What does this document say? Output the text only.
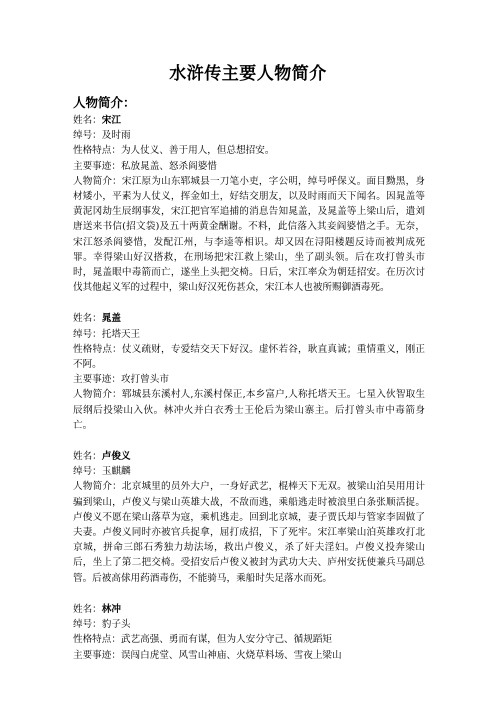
水浒传主要人物简介
人物简介：

姓名：宋江

绰号：及时雨

性格特点：为人仗义、善于用人，但总想招安。

主要事迹：私放晁盖、怒杀阎婆惜

人物简介：宋江原为山东郓城县一刀笔小吏，字公明，绰号呼保义。面目黝黑，身材矮小，平素为人仗义，挥金如土，好结交朋友，以及时雨而天下闻名。因晁盖等黄泥冈劫生辰纲事发，宋江把官军追捕的消息告知晁盖，及晁盖等上梁山后，遣刘唐送来书信(招文袋)及五十两黄金酬谢。不料，此信落入其妾阎婆惜之手。无奈，宋江怒杀阎婆惜，发配江州，与李逵等相识。却又因在浔阳楼题反诗而被判成死罪。幸得梁山好汉搭救，在刑场把宋江救上梁山，坐了副头领。后在攻打曾头市时，晁盖眼中毒箭而亡，遂坐上头把交椅。日后，宋江率众为朝廷招安。在历次讨伐其他起义军的过程中，梁山好汉死伤甚众，宋江本人也被所赐御酒毒死。

姓名：晁盖

绰号：托塔天王

性格特点：仗义疏财，专爱结交天下好汉。虚怀若谷，耿直真诚；重情重义，刚正不阿。

主要事迹：攻打曾头市

人物简介：郓城县东溪村人,东溪村保正,本乡富户,人称托塔天王。七星入伙智取生辰纲后投梁山入伙。林冲火并白衣秀士王伦后为梁山寨主。后打曾头市中毒箭身亡。

姓名：卢俊义

绰号：玉麒麟

人物简介：北京城里的员外大户，一身好武艺，棍棒天下无双。被梁山泊吴用用计骗到梁山，卢俊义与梁山英雄大战，不敌而逃，乘船逃走时被浪里白条张顺活捉。卢俊义不愿在梁山落草为寇，乘机逃走。回到北京城，妻子贾氏却与管家李固做了夫妻。卢俊义同时亦被官兵捉拿，屈打成招，下了死牢。宋江率梁山泊英雄攻打北京城，拼命三郎石秀独力劫法场，救出卢俊义，杀了奸夫淫妇。卢俊义投奔梁山后，坐上了第二把交椅。受招安后卢俊义被封为武功大夫、庐州安抚使兼兵马副总管。后被高俅用药酒毒伤，不能骑马，乘船时失足落水而死。

姓名：林冲

绰号：豹子头

性格特点：武艺高强、勇而有谋，但为人安分守己、循规蹈矩

主要事迹：误闯白虎堂、风雪山神庙、火烧草料场、雪夜上梁山
